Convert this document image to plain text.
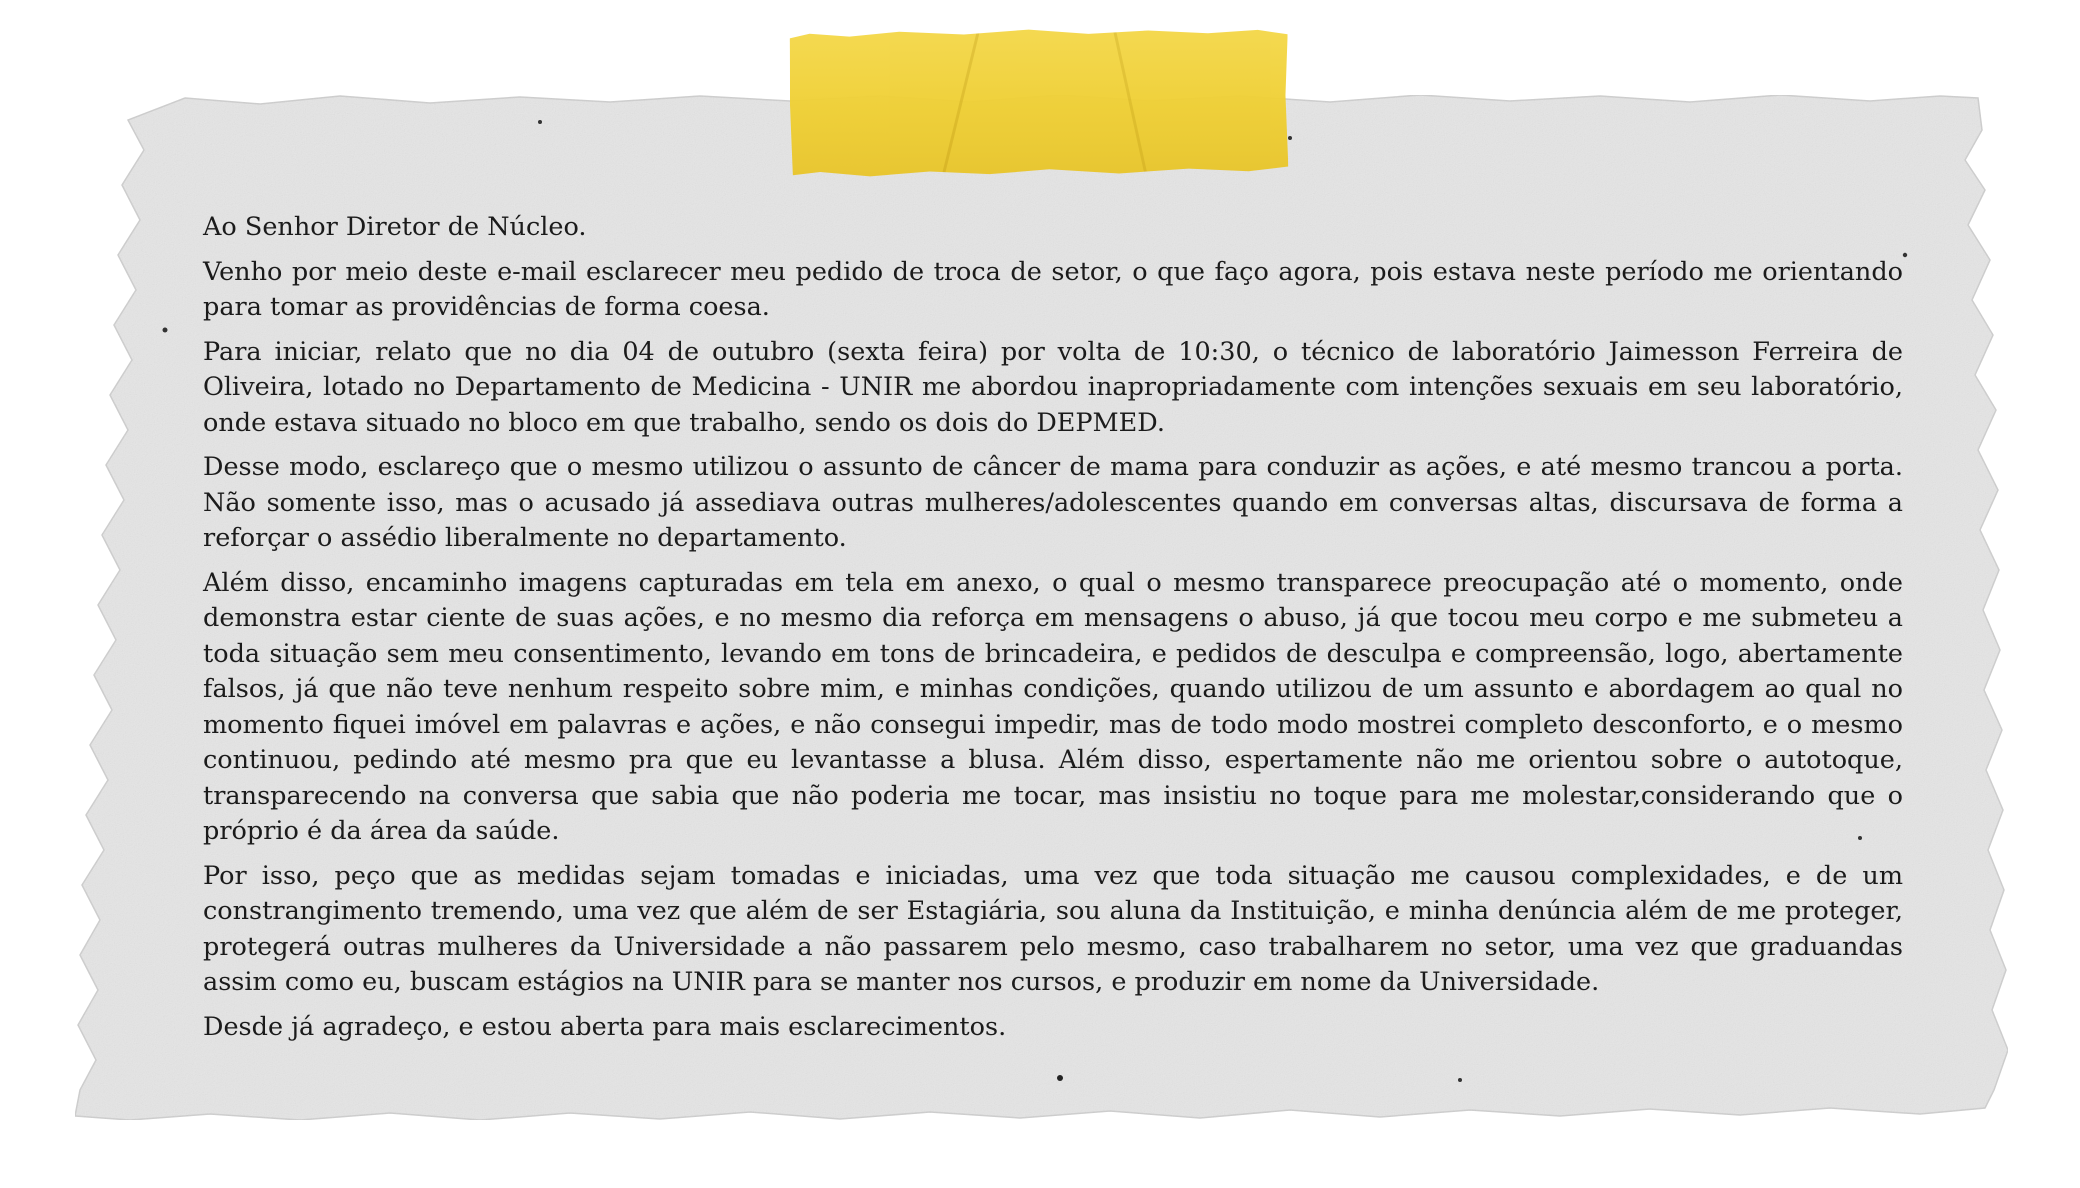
Ao Senhor Diretor de Núcleo.

Venho por meio deste e-mail esclarecer meu pedido de troca de setor, o que faço agora, pois estava neste período me orientando para tomar as providências de forma coesa.

Para iniciar, relato que no dia 04 de outubro (sexta feira) por volta de 10:30, o técnico de laboratório Jaimesson Ferreira de Oliveira, lotado no Departamento de Medicina - UNIR me abordou inapropriadamente com intenções sexuais em seu laboratório, onde estava situado no bloco em que trabalho, sendo os dois do DEPMED.

Desse modo, esclareço que o mesmo utilizou o assunto de câncer de mama para conduzir as ações, e até mesmo trancou a porta. Não somente isso, mas o acusado já assediava outras mulheres/adolescentes quando em conversas altas, discursava de forma a reforçar o assédio liberalmente no departamento.

Além disso, encaminho imagens capturadas em tela em anexo, o qual o mesmo transparece preocupação até o momento, onde demonstra estar ciente de suas ações, e no mesmo dia reforça em mensagens o abuso, já que tocou meu corpo e me submeteu a toda situação sem meu consentimento, levando em tons de brincadeira, e pedidos de desculpa e compreensão, logo, abertamente falsos, já que não teve nenhum respeito sobre mim, e minhas condições, quando utilizou de um assunto e abordagem ao qual no momento fiquei imóvel em palavras e ações, e não consegui impedir, mas de todo modo mostrei completo desconforto, e o mesmo continuou, pedindo até mesmo pra que eu levantasse a blusa. Além disso, espertamente não me orientou sobre o autotoque, transparecendo na conversa que sabia que não poderia me tocar, mas insistiu no toque para me molestar,considerando que o próprio é da área da saúde.

Por isso, peço que as medidas sejam tomadas e iniciadas, uma vez que toda situação me causou complexidades, e de um constrangimento tremendo, uma vez que além de ser Estagiária, sou aluna da Instituição, e minha denúncia além de me proteger, protegerá outras mulheres da Universidade a não passarem pelo mesmo, caso trabalharem no setor, uma vez que graduandas assim como eu, buscam estágios na UNIR para se manter nos cursos, e produzir em nome da Universidade.

Desde já agradeço, e estou aberta para mais esclarecimentos.
